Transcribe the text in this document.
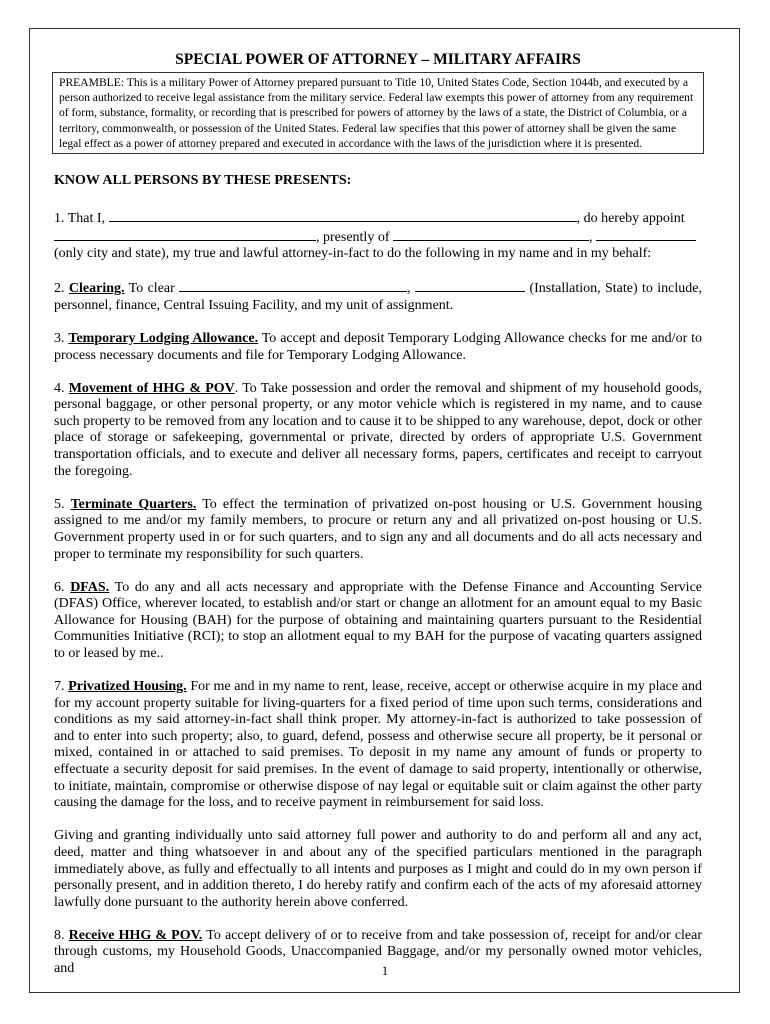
SPECIAL POWER OF ATTORNEY – MILITARY AFFAIRS
PREAMBLE: This is a military Power of Attorney prepared pursuant to Title 10, United States Code, Section 1044b, and executed by a person authorized to receive legal assistance from the military service. Federal law exempts this power of attorney from any requirement of form, substance, formality, or recording that is prescribed for powers of attorney by the laws of a state, the District of Columbia, or a territory, commonwealth, or possession of the United States. Federal law specifies that this power of attorney shall be given the same legal effect as a power of attorney prepared and executed in accordance with the laws of the jurisdiction where it is presented.
KNOW ALL PERSONS BY THESE PRESENTS:

1. That I,	, do hereby appoint
, presently of	,
(only city and state), my true and lawful attorney-in-fact to do the following in my name and in my behalf:

2. Clearing. To clear	,	(Installation, State) to include, personnel, finance, Central Issuing Facility, and my unit of assignment.

3. Temporary Lodging Allowance. To accept and deposit Temporary Lodging Allowance checks for me and/or to process necessary documents and file for Temporary Lodging Allowance.

4. Movement of HHG & POV. To Take possession and order the removal and shipment of my household goods, personal baggage, or other personal property, or any motor vehicle which is registered in my name, and to cause such property to be removed from any location and to cause it to be shipped to any warehouse, depot, dock or other place of storage or safekeeping, governmental or private, directed by orders of appropriate U.S. Government transportation officials, and to execute and deliver all necessary forms, papers, certificates and receipt to carryout the foregoing.

5. Terminate Quarters. To effect the termination of privatized on-post housing or U.S. Government housing assigned to me and/or my family members, to procure or return any and all privatized on-post housing or U.S. Government property used in or for such quarters, and to sign any and all documents and do all acts necessary and proper to terminate my responsibility for such quarters.

6. DFAS. To do any and all acts necessary and appropriate with the Defense Finance and Accounting Service (DFAS) Office, wherever located, to establish and/or start or change an allotment for an amount equal to my Basic Allowance for Housing (BAH) for the purpose of obtaining and maintaining quarters pursuant to the Residential Communities Initiative (RCI); to stop an allotment equal to my BAH for the purpose of vacating quarters assigned to or leased by me..

7. Privatized Housing. For me and in my name to rent, lease, receive, accept or otherwise acquire in my place and for my account property suitable for living-quarters for a fixed period of time upon such terms, considerations and conditions as my said attorney-in-fact shall think proper. My attorney-in-fact is authorized to take possession of and to enter into such property; also, to guard, defend, possess and otherwise secure all property, be it personal or mixed, contained in or attached to said premises. To deposit in my name any amount of funds or property to effectuate a security deposit for said premises. In the event of damage to said property, intentionally or otherwise, to initiate, maintain, compromise or otherwise dispose of nay legal or equitable suit or claim against the other party causing the damage for the loss, and to receive payment in reimbursement for said loss.

Giving and granting individually unto said attorney full power and authority to do and perform all and any act, deed, matter and thing whatsoever in and about any of the specified particulars mentioned in the paragraph immediately above, as fully and effectually to all intents and purposes as I might and could do in my own person if personally present, and in addition thereto, I do hereby ratify and confirm each of the acts of my aforesaid attorney lawfully done pursuant to the authority herein above conferred.

8. Receive HHG & POV. To accept delivery of or to receive from and take possession of, receipt for and/or clear through customs, my Household Goods, Unaccompanied Baggage, and/or my personally owned motor vehicles, and	1
